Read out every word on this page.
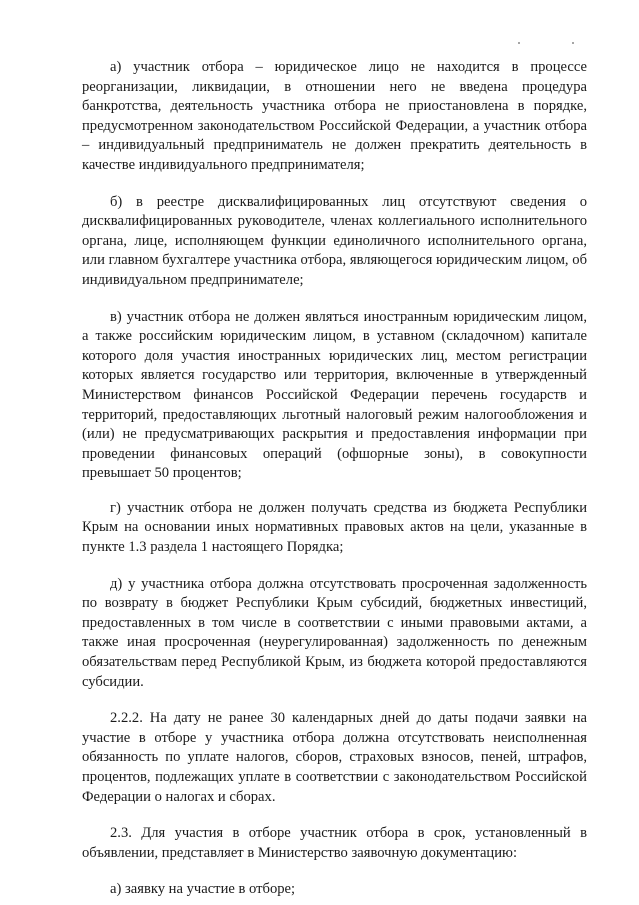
а) участник отбора – юридическое лицо не находится в процессе реорганизации, ликвидации, в отношении него не введена процедура банкротства, деятельность участника отбора не приостановлена в порядке, предусмотренном законодательством Российской Федерации, а участник отбора – индивидуальный предприниматель не должен прекратить деятельность в качестве индивидуального предпринимателя;

б) в реестре дисквалифицированных лиц отсутствуют сведения о дисквалифицированных руководителе, членах коллегиального исполнительного органа, лице, исполняющем функции единоличного исполнительного органа, или главном бухгалтере участника отбора, являющегося юридическим лицом, об индивидуальном предпринимателе;

в) участник отбора не должен являться иностранным юридическим лицом, а также российским юридическим лицом, в уставном (складочном) капитале которого доля участия иностранных юридических лиц, местом регистрации которых является государство или территория, включенные в утвержденный Министерством финансов Российской Федерации перечень государств и территорий, предоставляющих льготный налоговый режим налогообложения и (или) не предусматривающих раскрытия и предоставления информации при проведении финансовых операций (офшорные зоны), в совокупности превышает 50 процентов;

г) участник отбора не должен получать средства из бюджета Республики Крым на основании иных нормативных правовых актов на цели, указанные в пункте 1.3 раздела 1 настоящего Порядка;

д) у участника отбора должна отсутствовать просроченная задолженность по возврату в бюджет Республики Крым субсидий, бюджетных инвестиций, предоставленных в том числе в соответствии с иными правовыми актами, а также иная просроченная (неурегулированная) задолженность по денежным обязательствам перед Республикой Крым, из бюджета которой предоставляются субсидии.

2.2.2. На дату не ранее 30 календарных дней до даты подачи заявки на участие в отборе у участника отбора должна отсутствовать неисполненная обязанность по уплате налогов, сборов, страховых взносов, пеней, штрафов, процентов, подлежащих уплате в соответствии с законодательством Российской Федерации о налогах и сборах.

2.3. Для участия в отборе участник отбора в срок, установленный в объявлении, представляет в Министерство заявочную документацию:

а) заявку на участие в отборе;
